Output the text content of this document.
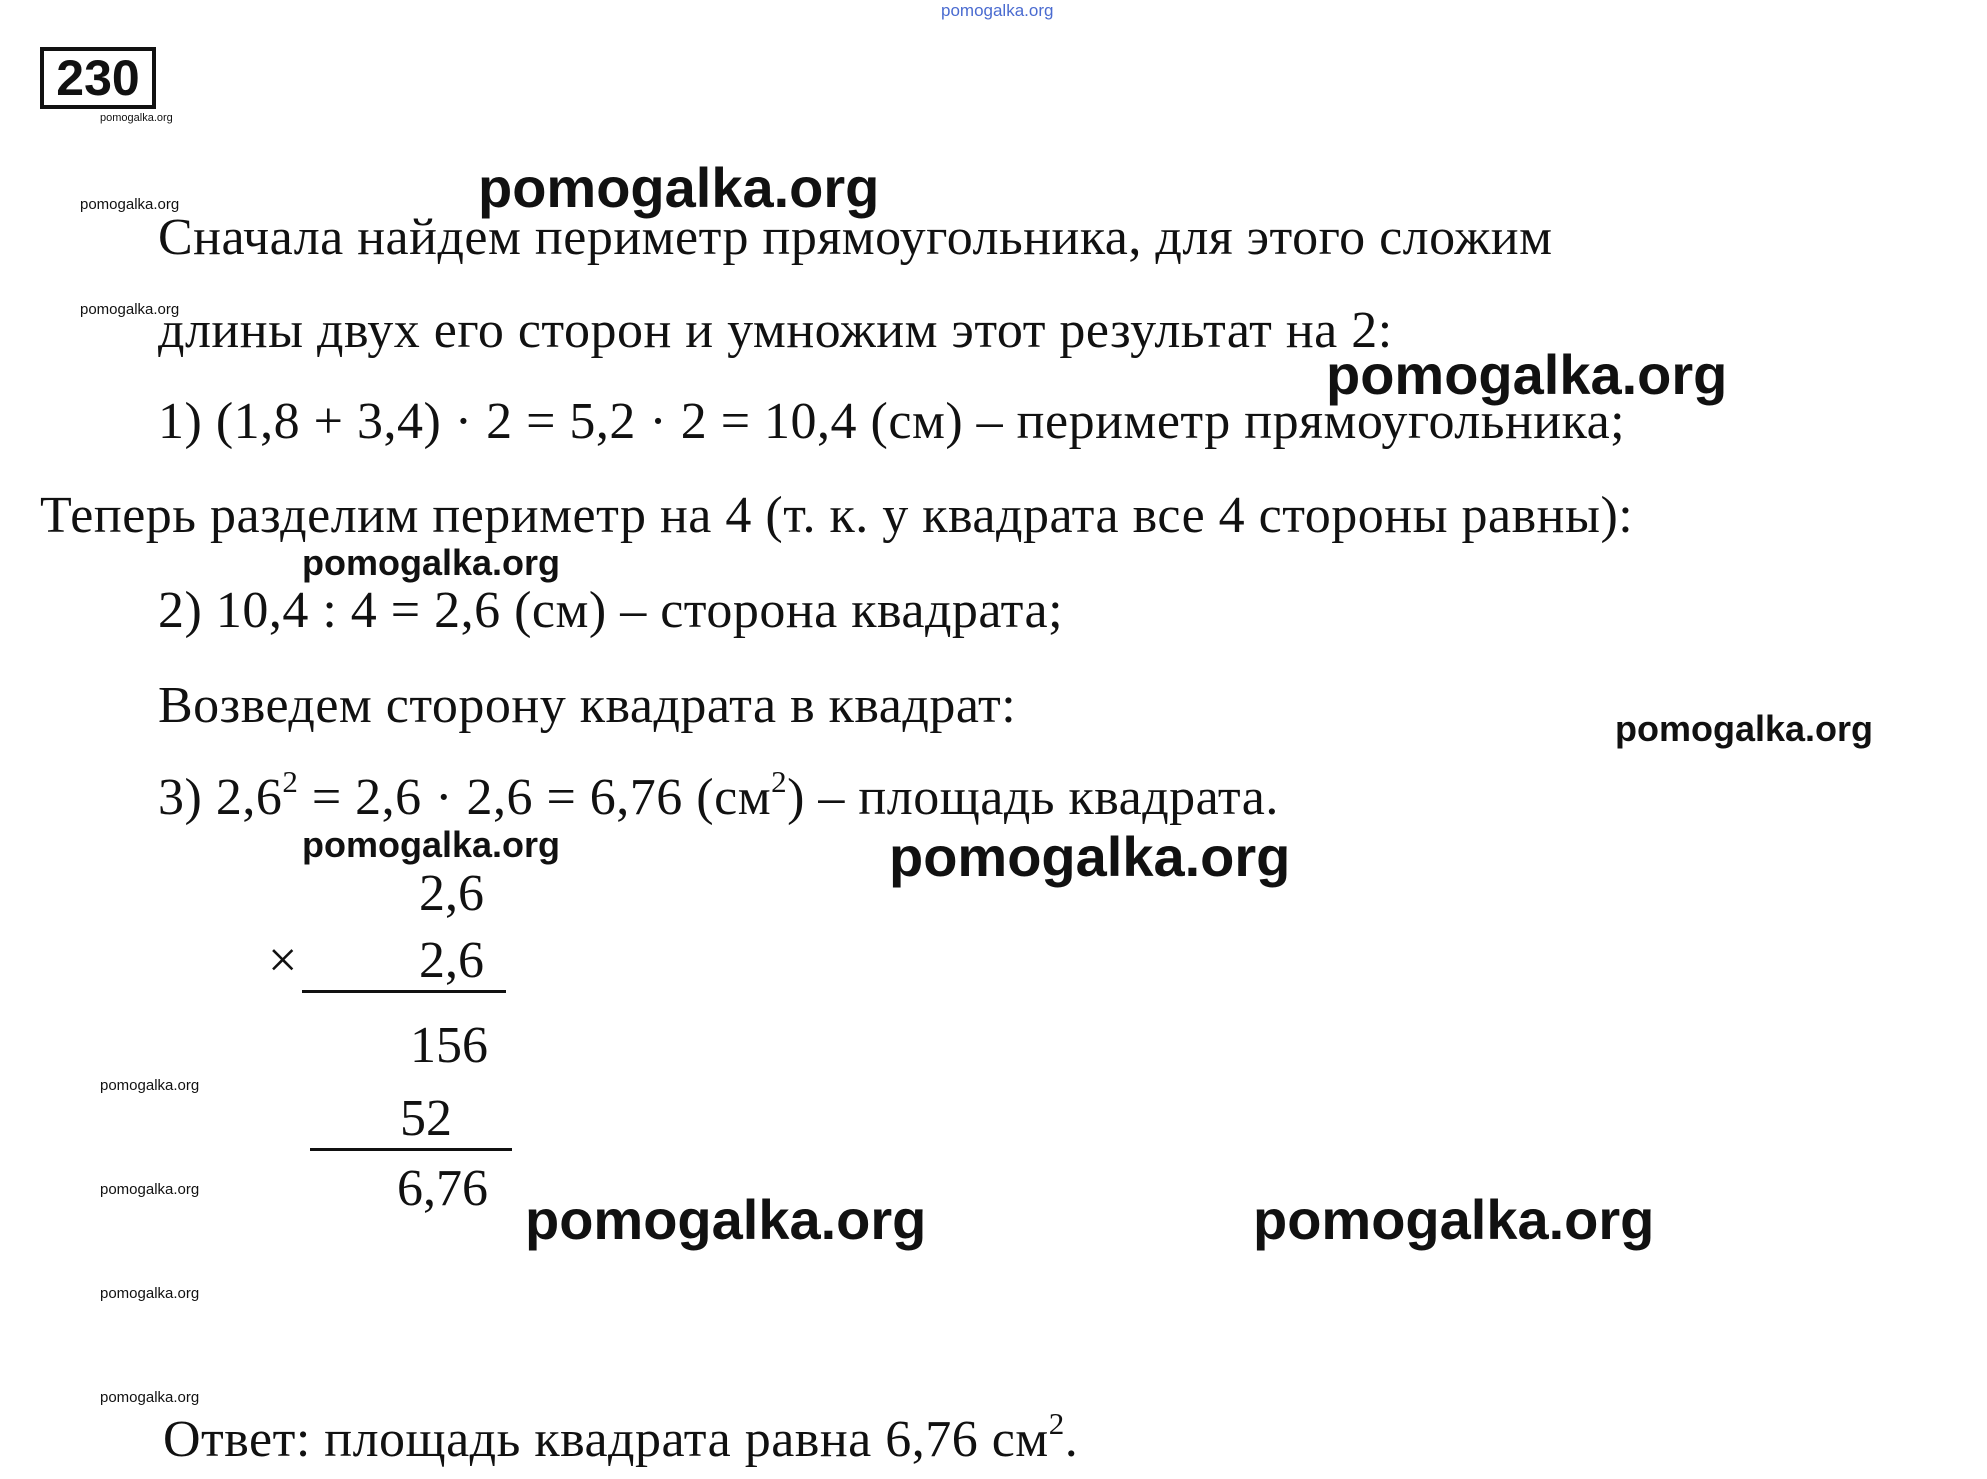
pomogalka.org
230
pomogalka.org
pomogalka.org
pomogalka.org
Сначала найдем периметр прямоугольника, для этого сложим
pomogalka.org
длины двух его сторон и умножим этот результат на 2:
pomogalka.org
1) (1,8 + 3,4) · 2 = 5,2 · 2 = 10,4 (см) – периметр прямоугольника;
Теперь разделим периметр на 4 (т. к. у квадрата все 4 стороны равны):
pomogalka.org
2) 10,4 : 4 = 2,6 (см) – сторона квадрата;
Возведем сторону квадрата в квадрат:	pomogalka.org
3) $2,6^2 = 2,6 \cdot 2,6 = 6,76$ $(см^2)$ – площадь квадрата.
pomogalka.org	pomogalka.org
2,6
×	2,6
156
pomogalka.org
52
pomogalka.org	6,76 pomogalka.org	pomogalka.org
pomogalka.org
pomogalka.org
Ответ: площадь квадрата равна 6,76 $см^2$.
